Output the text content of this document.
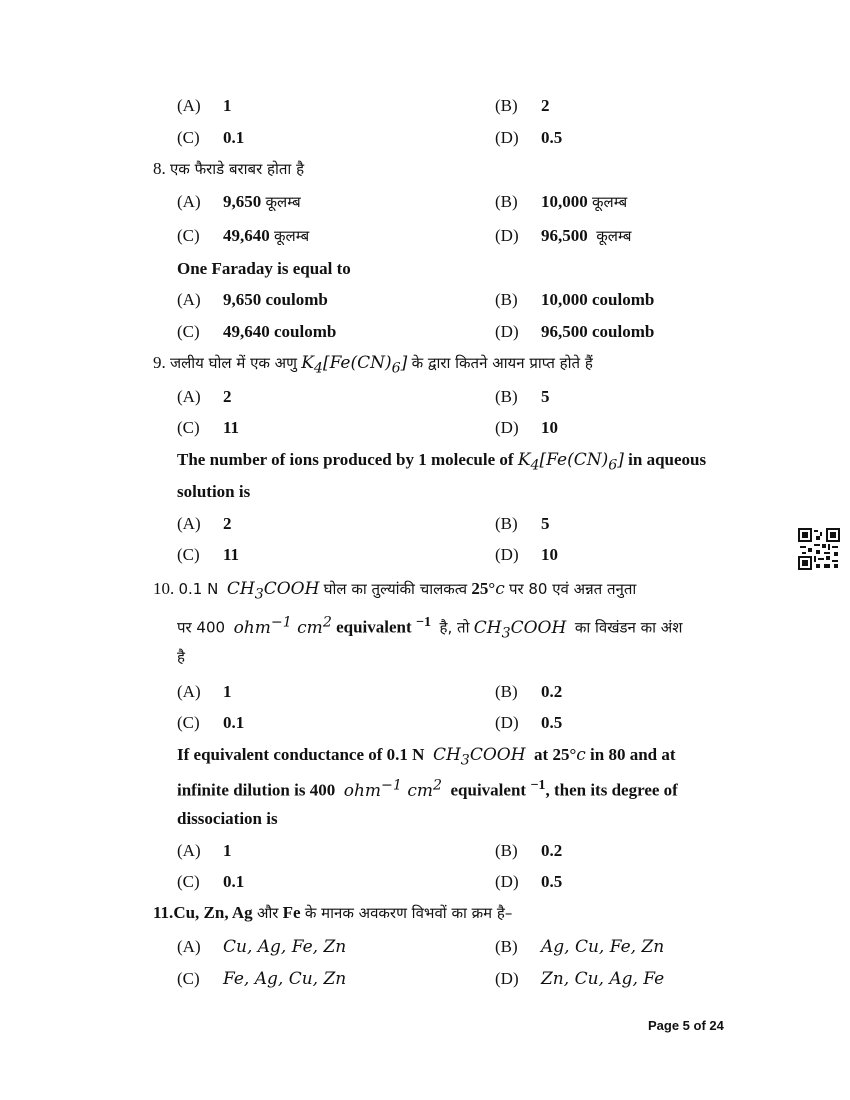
(A) 1	(B) 2
(C) 0.1	(D) 0.5
8. एक फैराडे बराबर होता है
(A) 9,650 कूलम्ब	(B) 10,000 कूलम्ब
(C) 49,640 कूलम्ब	(D) 96,500 कूलम्ब
One Faraday is equal to
(A) 9,650 coulomb	(B) 10,000 coulomb
(C) 49,640 coulomb	(D) 96,500 coulomb
9. जलीय घोल में एक अणु $K_4[Fe(CN)_6]$ के द्वारा कितने आयन प्राप्त होते हैं
(A) 2	(B) 5
(C) 11	(D) 10
The number of ions produced by 1 molecule of $K_4[Fe(CN)_6]$ in aqueous
solution is
(A) 2	(B) 5
(C) 11	(D) 10
10. 0.1 N $CH_3COOH$ घोल का तुल्यांकी चालकत्व 25°c पर 80 एवं अन्नत तनुता
पर 400 ohm$^{-1}$ $cm^2$ equivalent $^{-1}$ है, तो $CH_3COOH$ का विखंडन का अंश
है
(A) 1	(B) 0.2
(C) 0.1	(D) 0.5
If equivalent conductance of 0.1 N $CH_3COOH$ at 25°c in 80 and at
infinite dilution is 400 ohm$^{-1}$ $cm^2$ equivalent $^{-1}$, then its degree of
dissociation is
(A) 1	(B) 0.2
(C) 0.1	(D) 0.5
11.Cu, Zn, Ag और Fe के मानक अवकरण विभवों का क्रम है–
(A) Cu, Ag, Fe, Zn	(B) Ag, Cu, Fe, Zn
(C) Fe, Ag, Cu, Zn	(D) Zn, Cu, Ag, Fe
Page 5 of 24
